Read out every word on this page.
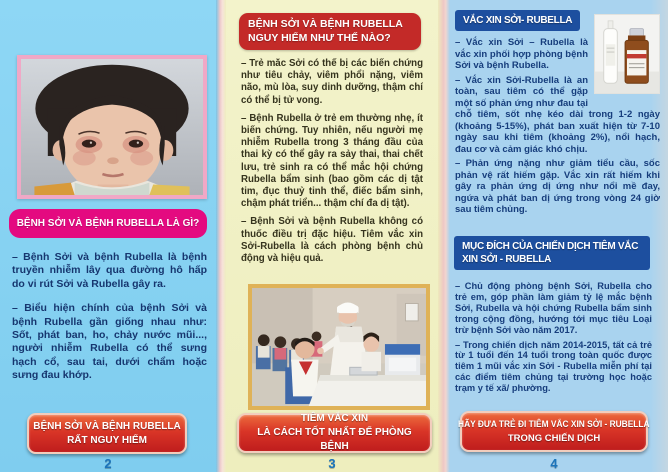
BỆNH SỞI VÀ BỆNH RUBELLA LÀ GÌ?

– Bệnh Sởi và bệnh Rubella là bệnh truyền nhiễm lây qua đường hô hấp do vi rút Sởi và Rubella gây ra.

– Biểu hiện chính của bệnh Sởi và bệnh Rubella gần giống nhau như: Sốt, phát ban, ho, chảy nước mũi..., người nhiễm Rubella có thể sưng hạch cổ, sau tai, dưới chẩm hoặc sưng đau khớp.

BỆNH SỞI VÀ BỆNH RUBELLA
RẤT NGUY HIỂM
2
BỆNH SỞI VÀ BỆNH RUBELLA NGUY HIỂM NHƯ THẾ NÀO?

– Trẻ mắc Sởi có thể bị các biến chứng như tiêu chảy, viêm phổi nặng, viêm não, mù lòa, suy dinh dưỡng, thậm chí có thể bị tử vong.

– Bệnh Rubella ở trẻ em thường nhẹ, ít biến chứng. Tuy nhiên, nếu người mẹ nhiễm Rubella trong 3 tháng đầu của thai kỳ có thể gây ra sảy thai, thai chết lưu, trẻ sinh ra có thể mắc hội chứng Rubella bẩm sinh (bao gồm các dị tật tim, đục thuỷ tinh thể, điếc bẩm sinh, chậm phát triển... thậm chí đa dị tật).

– Bệnh Sởi và bệnh Rubella không có thuốc điều trị đặc hiệu. Tiêm vắc xin Sởi-Rubella là cách phòng bệnh chủ động và hiệu quả.

TIÊM VẮC XIN
LÀ CÁCH TỐT NHẤT ĐỂ PHÒNG BỆNH
3
VẮC XIN SỞI- RUBELLA

– Vắc xin Sởi – Rubella là vắc xin phối hợp phòng bệnh Sởi và bệnh Rubella.

– Vắc xin Sởi-Rubella là an toàn, sau tiêm có thể gặp một số phản ứng như đau tại chỗ tiêm, sốt nhẹ kéo dài trong 1-2 ngày (khoảng 5-15%), phát ban xuất hiện từ 7-10 ngày sau khi tiêm (khoảng 2%), nổi hạch, đau cơ và cảm giác khó chịu.

– Phản ứng nặng như giảm tiểu cầu, sốc phản vệ rất hiếm gặp. Vắc xin rất hiếm khi gây ra phản ứng dị ứng như nổi mề đay, ngứa và phát ban dị ứng trong vòng 24 giờ sau tiêm chủng.

MỤC ĐÍCH CỦA CHIẾN DỊCH TIÊM VẮC XIN SỞI - RUBELLA

– Chủ động phòng bệnh Sởi, Rubella cho trẻ em, góp phần làm giảm tỷ lệ mắc bệnh Sởi, Rubella và hội chứng Rubella bẩm sinh trong cộng đồng, hướng tới mục tiêu Loại trừ bệnh Sởi vào năm 2017.

– Trong chiến dịch năm 2014-2015, tất cả trẻ từ 1 tuổi đến 14 tuổi trong toàn quốc được tiêm 1 mũi vắc xin Sởi - Rubella miễn phí tại các điểm tiêm chủng tại trường học hoặc trạm y tế xã/ phường.

HÃY ĐƯA TRẺ ĐI TIÊM VẮC XIN SỞI - RUBELLA
TRONG CHIẾN DỊCH
4
